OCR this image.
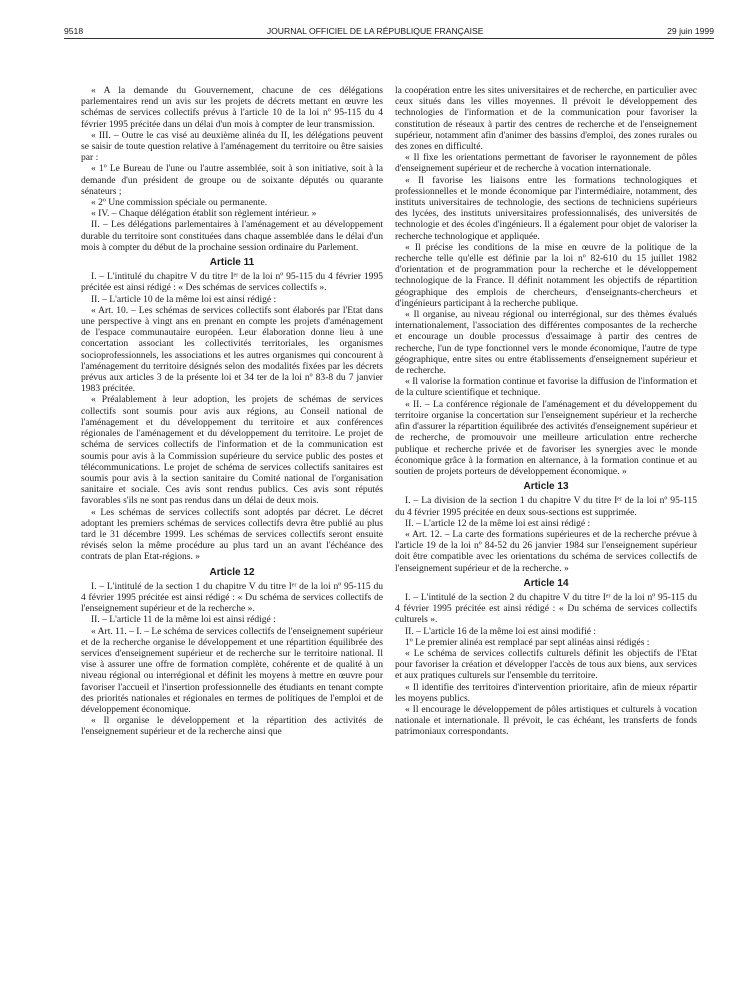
9518	JOURNAL OFFICIEL DE LA RÉPUBLIQUE FRANÇAISE	29 juin 1999

« A la demande du Gouvernement, chacune de ces délégations parlementaires rend un avis sur les projets de décrets mettant en œuvre les schémas de services collectifs prévus à l'article 10 de la loi nº 95-115 du 4 février 1995 précitée dans un délai d'un mois à compter de leur transmission.

« III. – Outre le cas visé au deuxième alinéa du II, les délégations peuvent se saisir de toute question relative à l'aménagement du territoire ou être saisies par :

« 1º Le Bureau de l'une ou l'autre assemblée, soit à son initiative, soit à la demande d'un président de groupe ou de soixante députés ou quarante sénateurs ;

« 2º Une commission spéciale ou permanente.

« IV. – Chaque délégation établit son règlement intérieur. »

II. – Les délégations parlementaires à l'aménagement et au développement durable du territoire sont constituées dans chaque assemblée dans le délai d'un mois à compter du début de la prochaine session ordinaire du Parlement.

Article 11

I. – L'intitulé du chapitre V du titre Iᵉʳ de la loi nº 95-115 du 4 février 1995 précitée est ainsi rédigé : « Des schémas de services collectifs ».

II. – L'article 10 de la même loi est ainsi rédigé :

« Art. 10. – Les schémas de services collectifs sont élaborés par l'Etat dans une perspective à vingt ans en prenant en compte les projets d'aménagement de l'espace communautaire européen. Leur élaboration donne lieu à une concertation associant les collectivités territoriales, les organismes socioprofessionnels, les associations et les autres organismes qui concourent à l'aménagement du territoire désignés selon des modalités fixées par les décrets prévus aux articles 3 de la présente loi et 34 ter de la loi nº 83-8 du 7 janvier 1983 précitée.

« Préalablement à leur adoption, les projets de schémas de services collectifs sont soumis pour avis aux régions, au Conseil national de l'aménagement et du développement du territoire et aux conférences régionales de l'aménagement et du développement du territoire. Le projet de schéma de services collectifs de l'information et de la communication est soumis pour avis à la Commission supérieure du service public des postes et télécommunications. Le projet de schéma de services collectifs sanitaires est soumis pour avis à la section sanitaire du Comité national de l'organisation sanitaire et sociale. Ces avis sont rendus publics. Ces avis sont réputés favorables s'ils ne sont pas rendus dans un délai de deux mois.

« Les schémas de services collectifs sont adoptés par décret. Le décret adoptant les premiers schémas de services collectifs devra être publié au plus tard le 31 décembre 1999. Les schémas de services collectifs seront ensuite révisés selon la même procédure au plus tard un an avant l'échéance des contrats de plan Etat-régions. »

Article 12

I. – L'intitulé de la section 1 du chapitre V du titre Iᵉʳ de la loi nº 95-115 du 4 février 1995 précitée est ainsi rédigé : « Du schéma de services collectifs de l'enseignement supérieur et de la recherche ».

II. – L'article 11 de la même loi est ainsi rédigé :

« Art. 11. – I. – Le schéma de services collectifs de l'enseignement supérieur et de la recherche organise le développement et une répartition équilibrée des services d'enseignement supérieur et de recherche sur le territoire national. Il vise à assurer une offre de formation complète, cohérente et de qualité à un niveau régional ou interrégional et définit les moyens à mettre en œuvre pour favoriser l'accueil et l'insertion professionnelle des étudiants en tenant compte des priorités nationales et régionales en termes de politiques de l'emploi et de développement économique.

« Il organise le développement et la répartition des activités de l'enseignement supérieur et de la recherche ainsi que

la coopération entre les sites universitaires et de recherche, en particulier avec ceux situés dans les villes moyennes. Il prévoit le développement des technologies de l'information et de la communication pour favoriser la constitution de réseaux à partir des centres de recherche et de l'enseignement supérieur, notamment afin d'animer des bassins d'emploi, des zones rurales ou des zones en difficulté.

« Il fixe les orientations permettant de favoriser le rayonnement de pôles d'enseignement supérieur et de recherche à vocation internationale.

« Il favorise les liaisons entre les formations technologiques et professionnelles et le monde économique par l'intermédiaire, notamment, des instituts universitaires de technologie, des sections de techniciens supérieurs des lycées, des instituts universitaires professionnalisés, des universités de technologie et des écoles d'ingénieurs. Il a également pour objet de valoriser la recherche technologique et appliquée.

« Il précise les conditions de la mise en œuvre de la politique de la recherche telle qu'elle est définie par la loi nº 82-610 du 15 juillet 1982 d'orientation et de programmation pour la recherche et le développement technologique de la France. Il définit notamment les objectifs de répartition géographique des emplois de chercheurs, d'enseignants-chercheurs et d'ingénieurs participant à la recherche publique.

« Il organise, au niveau régional ou interrégional, sur des thèmes évalués internationalement, l'association des différentes composantes de la recherche et encourage un double processus d'essaimage à partir des centres de recherche, l'un de type fonctionnel vers le monde économique, l'autre de type géographique, entre sites ou entre établissements d'enseignement supérieur et de recherche.

« Il valorise la formation continue et favorise la diffusion de l'information et de la culture scientifique et technique.

« II. – La conférence régionale de l'aménagement et du développement du territoire organise la concertation sur l'enseignement supérieur et la recherche afin d'assurer la répartition équilibrée des activités d'enseignement supérieur et de recherche, de promouvoir une meilleure articulation entre recherche publique et recherche privée et de favoriser les synergies avec le monde économique grâce à la formation en alternance, à la formation continue et au soutien de projets porteurs de développement économique. »

Article 13

I. – La division de la section 1 du chapitre V du titre Iᵉʳ de la loi nº 95-115 du 4 février 1995 précitée en deux sous-sections est supprimée.

II. – L'article 12 de la même loi est ainsi rédigé :

« Art. 12. – La carte des formations supérieures et de la recherche prévue à l'article 19 de la loi nº 84-52 du 26 janvier 1984 sur l'enseignement supérieur doit être compatible avec les orientations du schéma de services collectifs de l'enseignement supérieur et de la recherche. »

Article 14

I. – L'intitulé de la section 2 du chapitre V du titre Iᵉʳ de la loi nº 95-115 du 4 février 1995 précitée est ainsi rédigé : « Du schéma de services collectifs culturels ».

II. – L'article 16 de la même loi est ainsi modifié :

1º Le premier alinéa est remplacé par sept alinéas ainsi rédigés :

« Le schéma de services collectifs culturels définit les objectifs de l'Etat pour favoriser la création et développer l'accès de tous aux biens, aux services et aux pratiques culturels sur l'ensemble du territoire.

« Il identifie des territoires d'intervention prioritaire, afin de mieux répartir les moyens publics.

« Il encourage le développement de pôles artistiques et culturels à vocation nationale et internationale. Il prévoit, le cas échéant, les transferts de fonds patrimoniaux correspondants.
